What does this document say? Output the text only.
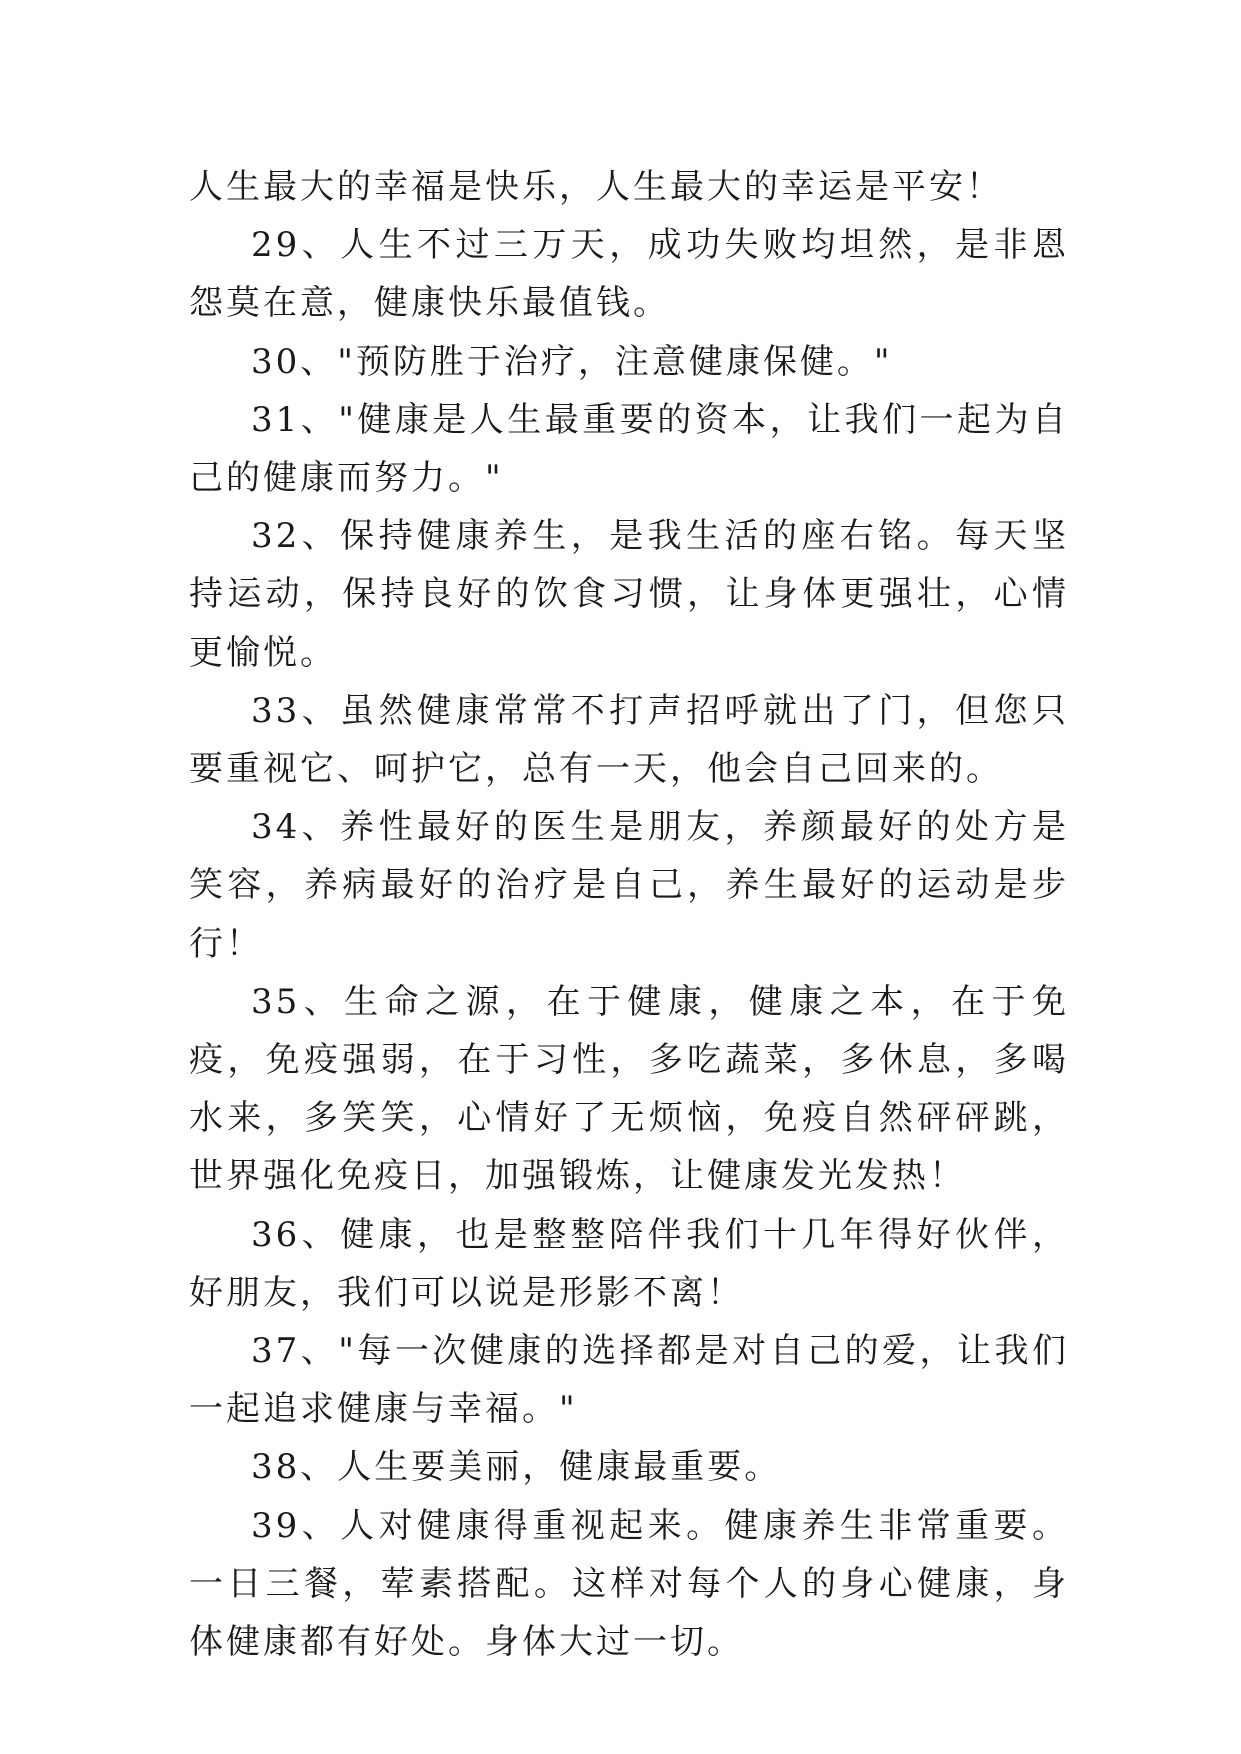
人生最大的幸福是快乐，人生最大的幸运是平安！

29、人生不过三万天，成功失败均坦然，是非恩怨莫在意，健康快乐最值钱。

30、"预防胜于治疗，注意健康保健。"

31、"健康是人生最重要的资本，让我们一起为自己的健康而努力。"

32、保持健康养生，是我生活的座右铭。每天坚持运动，保持良好的饮食习惯，让身体更强壮，心情更愉悦。

33、虽然健康常常不打声招呼就出了门，但您只要重视它、呵护它，总有一天，他会自己回来的。

34、养性最好的医生是朋友，养颜最好的处方是笑容，养病最好的治疗是自己，养生最好的运动是步行！

35、生命之源，在于健康，健康之本，在于免疫，免疫强弱，在于习性，多吃蔬菜，多休息，多喝水来，多笑笑，心情好了无烦恼，免疫自然砰砰跳，世界强化免疫日，加强锻炼，让健康发光发热！

36、健康，也是整整陪伴我们十几年得好伙伴，好朋友，我们可以说是形影不离！

37、"每一次健康的选择都是对自己的爱，让我们一起追求健康与幸福。"

38、人生要美丽，健康最重要。

39、人对健康得重视起来。健康养生非常重要。一日三餐，荤素搭配。这样对每个人的身心健康，身体健康都有好处。身体大过一切。
